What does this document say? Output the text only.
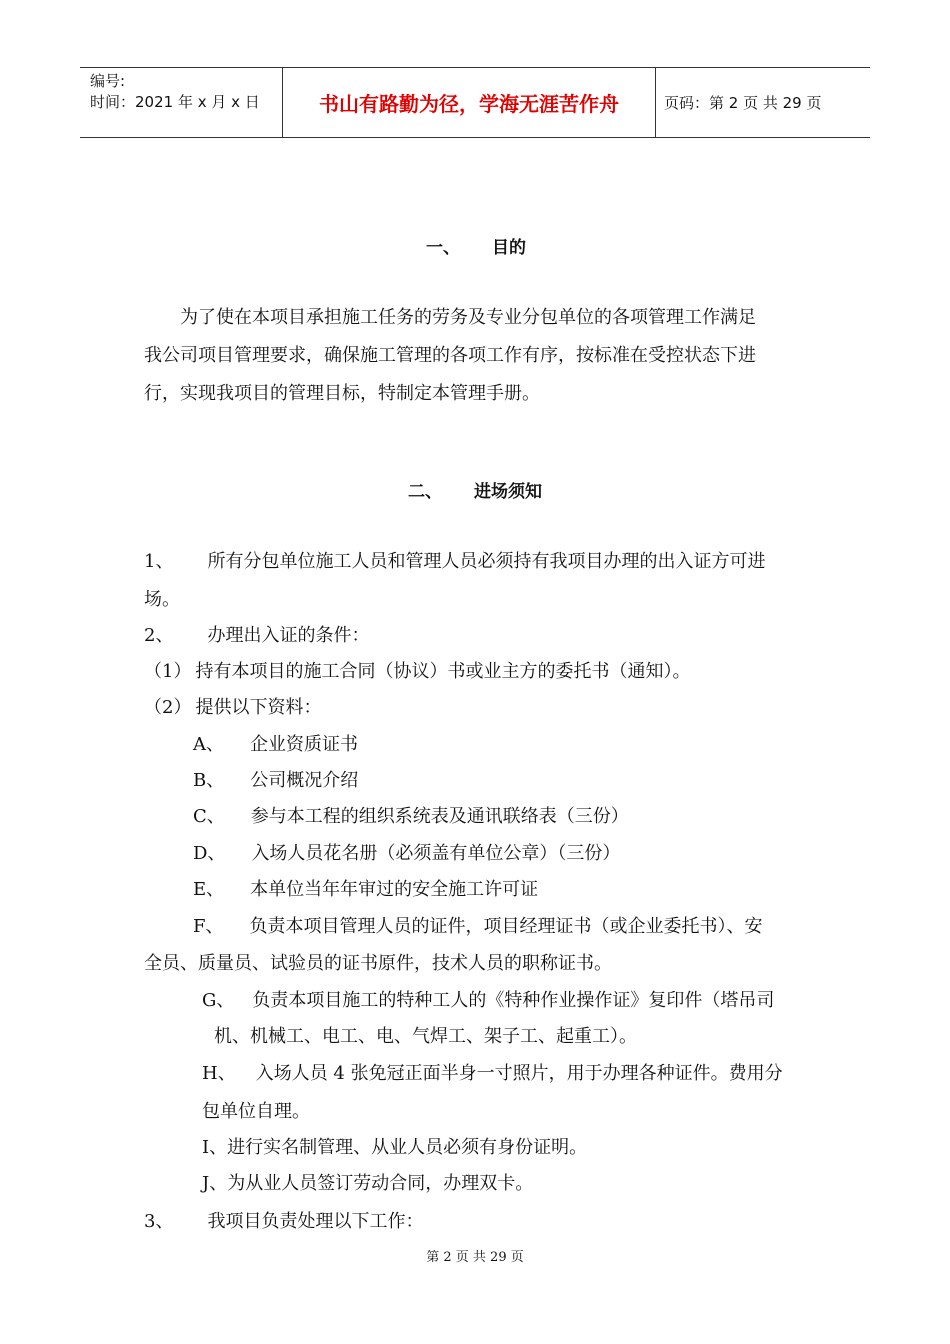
编号:
时间：2021 年 x 月 x 日	书山有路勤为径，学海无涯苦作舟	页码：第 2 页 共 29 页
一、 目的
为了使在本项目承担施工任务的劳务及专业分包单位的各项管理工作满足
我公司项目管理要求，确保施工管理的各项工作有序，按标准在受控状态下进
行，实现我项目的管理目标，特制定本管理手册。
二、 进场须知
1、 所有分包单位施工人员和管理人员必须持有我项目办理的出入证方可进
场。
2、 办理出入证的条件：
（1） 持有本项目的施工合同（协议）书或业主方的委托书（通知）。
（2） 提供以下资料：
A、 企业资质证书
B、 公司概况介绍
C、 参与本工程的组织系统表及通讯联络表（三份）
D、 入场人员花名册（必须盖有单位公章）（三份）
E、 本单位当年年审过的安全施工许可证
F、 负责本项目管理人员的证件，项目经理证书（或企业委托书）、安
全员、质量员、试验员的证书原件，技术人员的职称证书。
G、 负责本项目施工的特种工人的《特种作业操作证》复印件（塔吊司
机、机械工、电工、电、气焊工、架子工、起重工）。
H、 入场人员 4 张免冠正面半身一寸照片，用于办理各种证件。费用分
包单位自理。
I、进行实名制管理、从业人员必须有身份证明。
J、为从业人员签订劳动合同，办理双卡。
3、 我项目负责处理以下工作：
第 2 页 共 29 页
